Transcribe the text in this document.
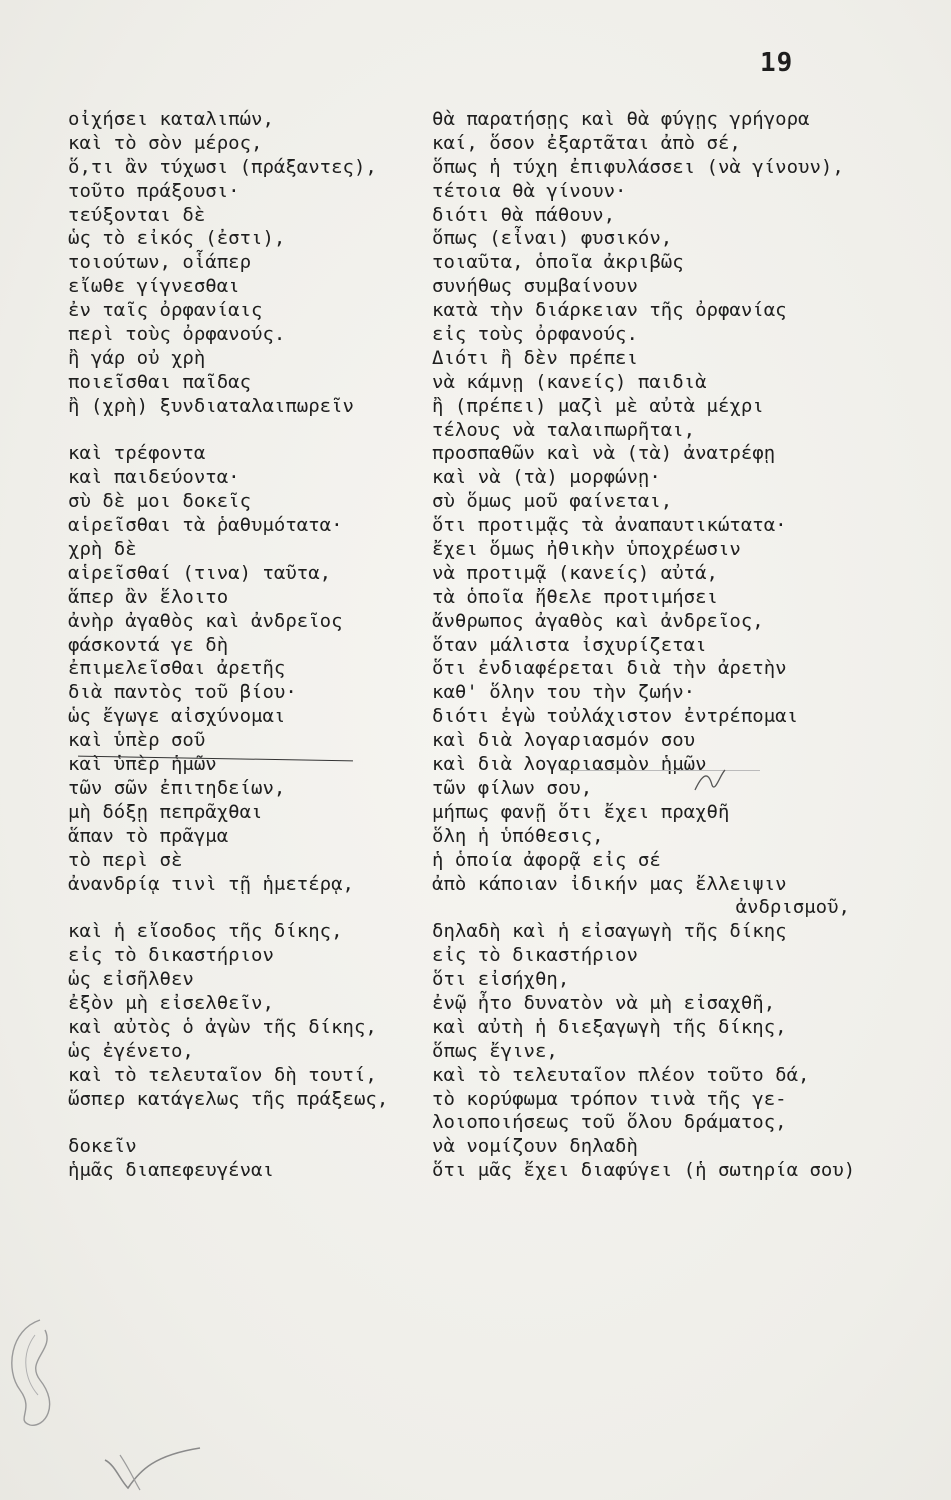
19
οἰχήσει καταλιπών,
καὶ τὸ σὸν μέρος,
ὅ,τι ἂν τύχωσι (πράξαντες),
τοῦτο πράξουσι·
τεύξονται δὲ
ὡς τὸ εἰκός (ἐστι),
τοιούτων, οἷάπερ
εἴωθε γίγνεσθαι
ἐν ταῖς ὀρφανίαις
περὶ τοὺς ὀρφανούς.
ἢ γάρ οὐ χρὴ
ποιεῖσθαι παῖδας
ἢ (χρὴ) ξυνδιαταλαιπωρεῖν
καὶ τρέφοντα
καὶ παιδεύοντα·
σὺ δὲ μοι δοκεῖς
αἱρεῖσθαι τὰ ῥαθυμότατα·
χρὴ δὲ
αἱρεῖσθαί (τινα) ταῦτα,
ἅπερ ἂν ἕλοιτο
ἀνὴρ ἀγαθὸς καὶ ἀνδρεῖος
φάσκοντά γε δὴ
ἐπιμελεῖσθαι ἀρετῆς
διὰ παντὸς τοῦ βίου·
ὡς ἔγωγε αἰσχύνομαι
καὶ ὑπὲρ σοῦ
καὶ ὑπὲρ ἡμῶν
τῶν σῶν ἐπιτηδείων,
μὴ δόξῃ πεπρᾶχθαι
ἅπαν τὸ πρᾶγμα
τὸ περὶ σὲ
ἀνανδρίᾳ τινὶ τῇ ἡμετέρᾳ,
καὶ ἡ εἴσοδος τῆς δίκης,
εἰς τὸ δικαστήριον
ὡς εἰσῆλθεν
ἐξὸν μὴ εἰσελθεῖν,
καὶ αὐτὸς ὁ ἀγὼν τῆς δίκης,
ὡς ἐγένετο,
καὶ τὸ τελευταῖον δὴ τουτί,
ὥσπερ κατάγελως τῆς πράξεως,
δοκεῖν
ἡμᾶς διαπεφευγέναι
θὰ παρατήσῃς καὶ θὰ φύγῃς γρήγορα
καί, ὅσον ἐξαρτᾶται ἀπὸ σέ,
ὅπως ἡ τύχη ἐπιφυλάσσει (νὰ γίνουν),
τέτοια θὰ γίνουν·
διότι θὰ πάθουν,
ὅπως (εἶναι) φυσικόν,
τοιαῦτα, ὁποῖα ἀκριβῶς
συνήθως συμβαίνουν
κατὰ τὴν διάρκειαν τῆς ὀρφανίας
εἰς τοὺς ὀρφανούς.
Διότι ἢ δὲν πρέπει
νὰ κάμνῃ (κανείς) παιδιὰ
ἢ (πρέπει) μαζὶ μὲ αὐτὰ μέχρι
τέλους νὰ ταλαιπωρῆται,
προσπαθῶν καὶ νὰ (τὰ) ἀνατρέφῃ
καὶ νὰ (τὰ) μορφώνῃ·
σὺ ὅμως μοῦ φαίνεται,
ὅτι προτιμᾷς τὰ ἀναπαυτικώτατα·
ἔχει ὅμως ἠθικὴν ὑποχρέωσιν
νὰ προτιμᾷ (κανείς) αὐτά,
τὰ ὁποῖα ἤθελε προτιμήσει
ἄνθρωπος ἀγαθὸς καὶ ἀνδρεῖος,
ὅταν μάλιστα ἰσχυρίζεται
ὅτι ἐνδιαφέρεται διὰ τὴν ἀρετὴν
καθ' ὅλην του τὴν ζωήν·
διότι ἐγὼ τοὐλάχιστον ἐντρέπομαι
καὶ διὰ λογαριασμόν σου
καὶ διὰ λογαριασμὸν ἡμῶν
τῶν φίλων σου,
μήπως φανῇ ὅτι ἔχει πραχθῆ
ὅλη ἡ ὑπόθεσις,
ἡ ὁποία ἀφορᾷ εἰς σέ
ἀπὸ κάποιαν ἰδικήν μας ἔλλειψιν
ἀνδρισμοῦ,
δηλαδὴ καὶ ἡ εἰσαγωγὴ τῆς δίκης
εἰς τὸ δικαστήριον
ὅτι εἰσήχθη,
ἐνῷ ἦτο δυνατὸν νὰ μὴ εἰσαχθῆ,
καὶ αὐτὴ ἡ διεξαγωγὴ τῆς δίκης,
ὅπως ἔγινε,
καὶ τὸ τελευταῖον πλέον τοῦτο δά,
τὸ κορύφωμα τρόπον τινὰ τῆς γε-
λοιοποιήσεως τοῦ ὅλου δράματος,
νὰ νομίζουν δηλαδὴ
ὅτι μᾶς ἔχει διαφύγει (ἡ σωτηρία σου)
